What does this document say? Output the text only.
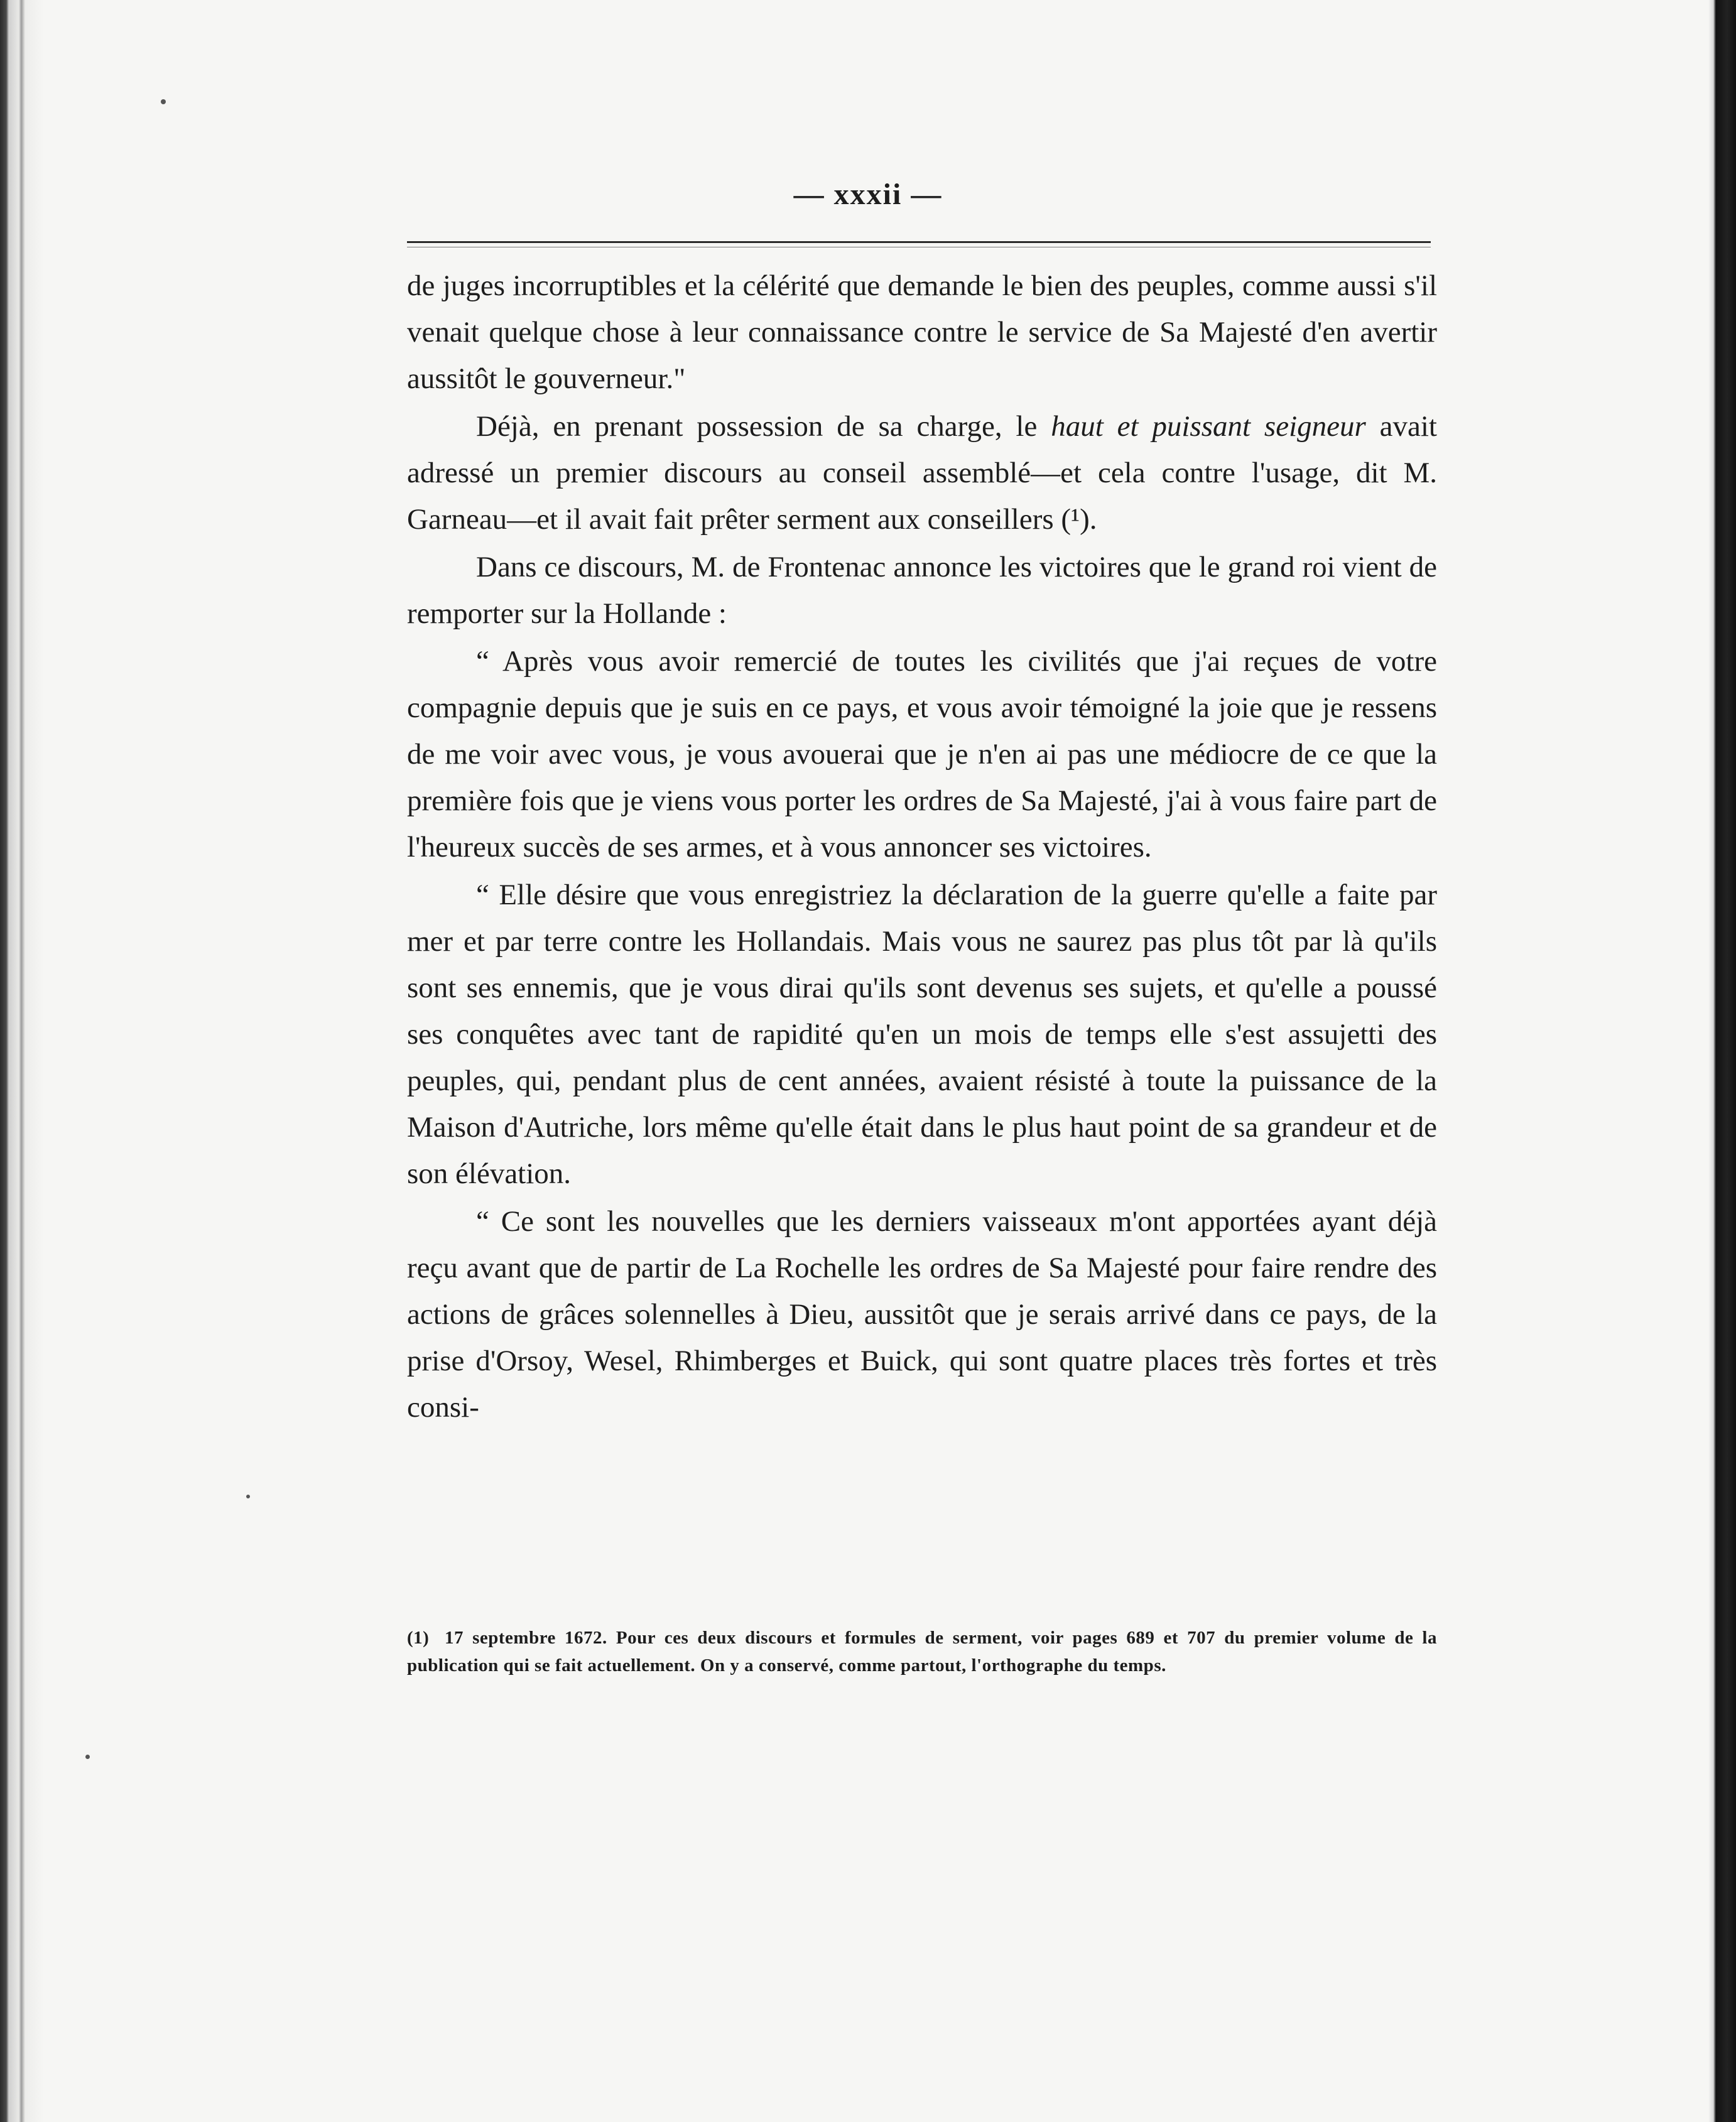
— xxxii —

de juges incorruptibles et la célérité que demande le bien des peuples, comme aussi s'il venait quelque chose à leur connaissance contre le service de Sa Majesté d'en avertir aussitôt le gouverneur."

Déjà, en prenant possession de sa charge, le haut et puissant seigneur avait adressé un premier discours au conseil assemblé—et cela contre l'usage, dit M. Garneau—et il avait fait prêter serment aux conseillers (¹).

Dans ce discours, M. de Frontenac annonce les victoires que le grand roi vient de remporter sur la Hollande :

“ Après vous avoir remercié de toutes les civilités que j'ai reçues de votre compagnie depuis que je suis en ce pays, et vous avoir témoigné la joie que je ressens de me voir avec vous, je vous avouerai que je n'en ai pas une médiocre de ce que la première fois que je viens vous porter les ordres de Sa Majesté, j'ai à vous faire part de l'heureux succès de ses armes, et à vous annoncer ses victoires.

“ Elle désire que vous enregistriez la déclaration de la guerre qu'elle a faite par mer et par terre contre les Hollandais. Mais vous ne saurez pas plus tôt par là qu'ils sont ses ennemis, que je vous dirai qu'ils sont devenus ses sujets, et qu'elle a poussé ses conquêtes avec tant de rapidité qu'en un mois de temps elle s'est assujetti des peuples, qui, pendant plus de cent années, avaient résisté à toute la puissance de la Maison d'Autriche, lors même qu'elle était dans le plus haut point de sa grandeur et de son élévation.

“ Ce sont les nouvelles que les derniers vaisseaux m'ont apportées ayant déjà reçu avant que de partir de La Rochelle les ordres de Sa Majesté pour faire rendre des actions de grâces solennelles à Dieu, aussitôt que je serais arrivé dans ce pays, de la prise d'Orsoy, Wesel, Rhimberges et Buick, qui sont quatre places très fortes et très consi-

(1) 17 septembre 1672. Pour ces deux discours et formules de serment, voir pages 689 et 707 du premier volume de la publication qui se fait actuellement. On y a conservé, comme partout, l'orthographe du temps.
